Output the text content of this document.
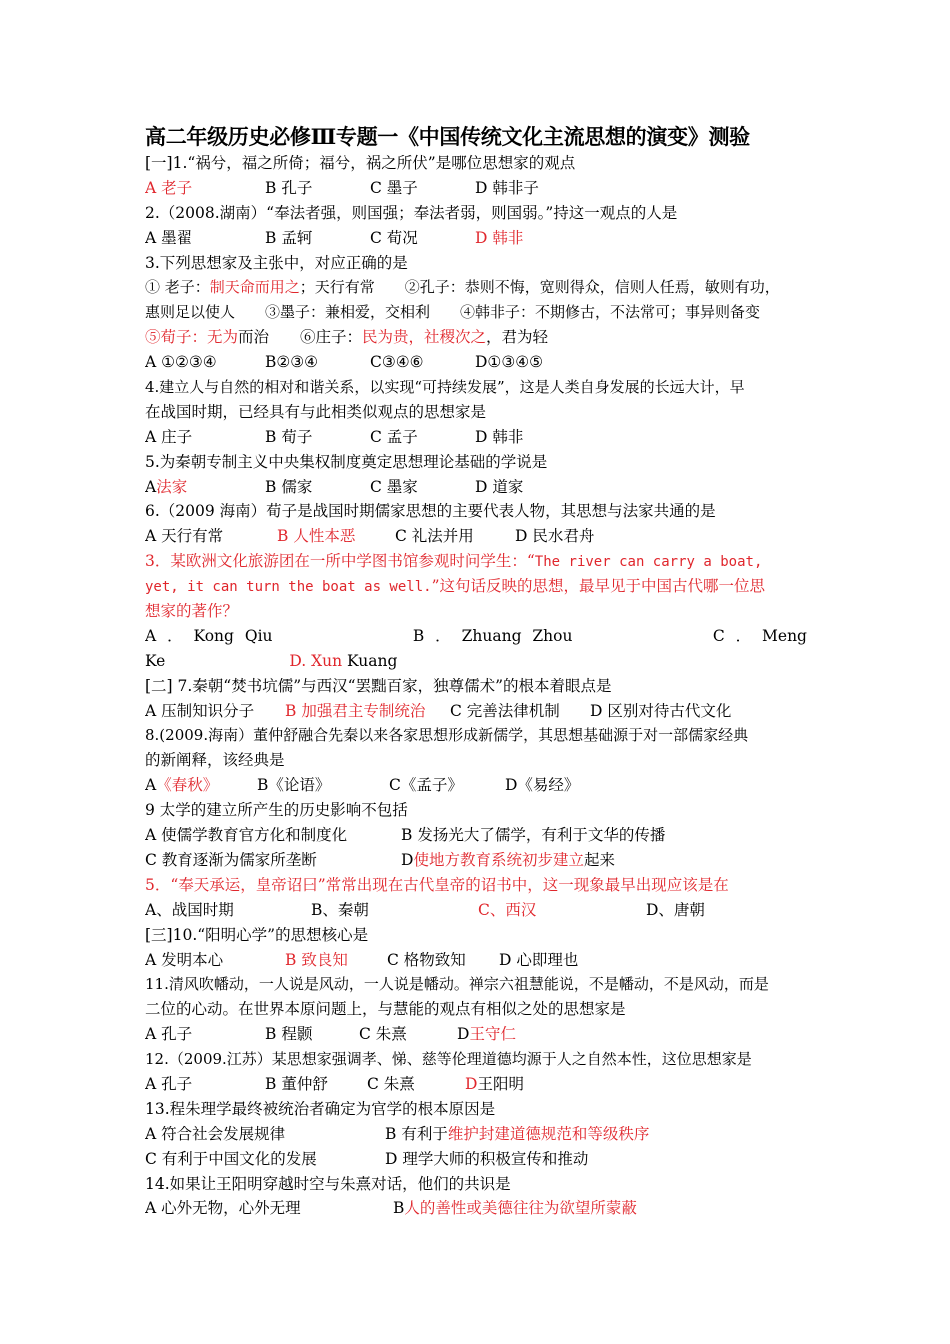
高二年级历史必修Ⅲ专题一《中国传统文化主流思想的演变》测验
[一]1.“祸兮，福之所倚；福兮，祸之所伏”是哪位思想家的观点
A 老子	B 孔子	C 墨子	D 韩非子
2.（2008.湖南）“奉法者强，则国强；奉法者弱，则国弱。”持这一观点的人是
A 墨翟	B 孟轲	C 荀况	D 韩非
3.下列思想家及主张中，对应正确的是
① 老子：制天命而用之；天行有常　　②孔子：恭则不悔，宽则得众，信则人任焉，敏则有功，
惠则足以使人　　③墨子：兼相爱，交相利　　④韩非子：不期修古，不法常可；事异则备变
⑤荀子：无为而治　　⑥庄子：民为贵，社稷次之，君为轻
A ①②③④	B②③④	C③④⑥	D①③④⑤
4.建立人与自然的相对和谐关系，以实现“可持续发展”，这是人类自身发展的长远大计，早
在战国时期，已经具有与此相类似观点的思想家是
A 庄子	B 荀子	C 孟子	D 韩非
5.为秦朝专制主义中央集权制度奠定思想理论基础的学说是
A法家	B 儒家	C 墨家	D 道家
6.（2009 海南）荀子是战国时期儒家思想的主要代表人物，其思想与法家共通的是
A 天行有常	B 人性本恶	C 礼法并用	D 民水君舟
3．某欧洲文化旅游团在一所中学图书馆参观时问学生：“The river can carry a boat,
yet, it can turn the boat as well.”这句话反映的思想，最早见于中国古代哪一位思
想家的著作？
A ． Kong Qiu	B ． Zhuang Zhou	C ． Meng
Ke	D. Xun Kuang
[二] 7.秦朝“焚书坑儒”与西汉“罢黜百家，独尊儒术”的根本着眼点是
A 压制知识分子	B 加强君主专制统治	C 完善法律机制	D 区别对待古代文化
8.(2009.海南）董仲舒融合先秦以来各家思想形成新儒学，其思想基础源于对一部儒家经典
的新阐释，该经典是
A《春秋》	B《论语》	C《孟子》	D《易经》
9 太学的建立所产生的历史影响不包括
A 使儒学教育官方化和制度化	B 发扬光大了儒学，有利于文华的传播
C 教育逐渐为儒家所垄断	D使地方教育系统初步建立起来
5．“奉天承运，皇帝诏曰”常常出现在古代皇帝的诏书中，这一现象最早出现应该是在
A、战国时期	B、秦朝	C、西汉	D、唐朝
[三]10.“阳明心学”的思想核心是
A 发明本心	B 致良知	C 格物致知	D 心即理也
11.清风吹幡动，一人说是风动，一人说是幡动。禅宗六祖慧能说，不是幡动，不是风动，而是
二位的心动。在世界本原问题上，与慧能的观点有相似之处的思想家是
A 孔子	B 程颢	C 朱熹	D王守仁
12.（2009.江苏）某思想家强调孝、悌、慈等伦理道德均源于人之自然本性，这位思想家是
A 孔子	B 董仲舒	C 朱熹	D王阳明
13.程朱理学最终被统治者确定为官学的根本原因是
A 符合社会发展规律	B 有利于维护封建道德规范和等级秩序
C 有利于中国文化的发展	D 理学大师的积极宣传和推动
14.如果让王阳明穿越时空与朱熹对话，他们的共识是
A 心外无物，心外无理	B人的善性或美德往往为欲望所蒙蔽
